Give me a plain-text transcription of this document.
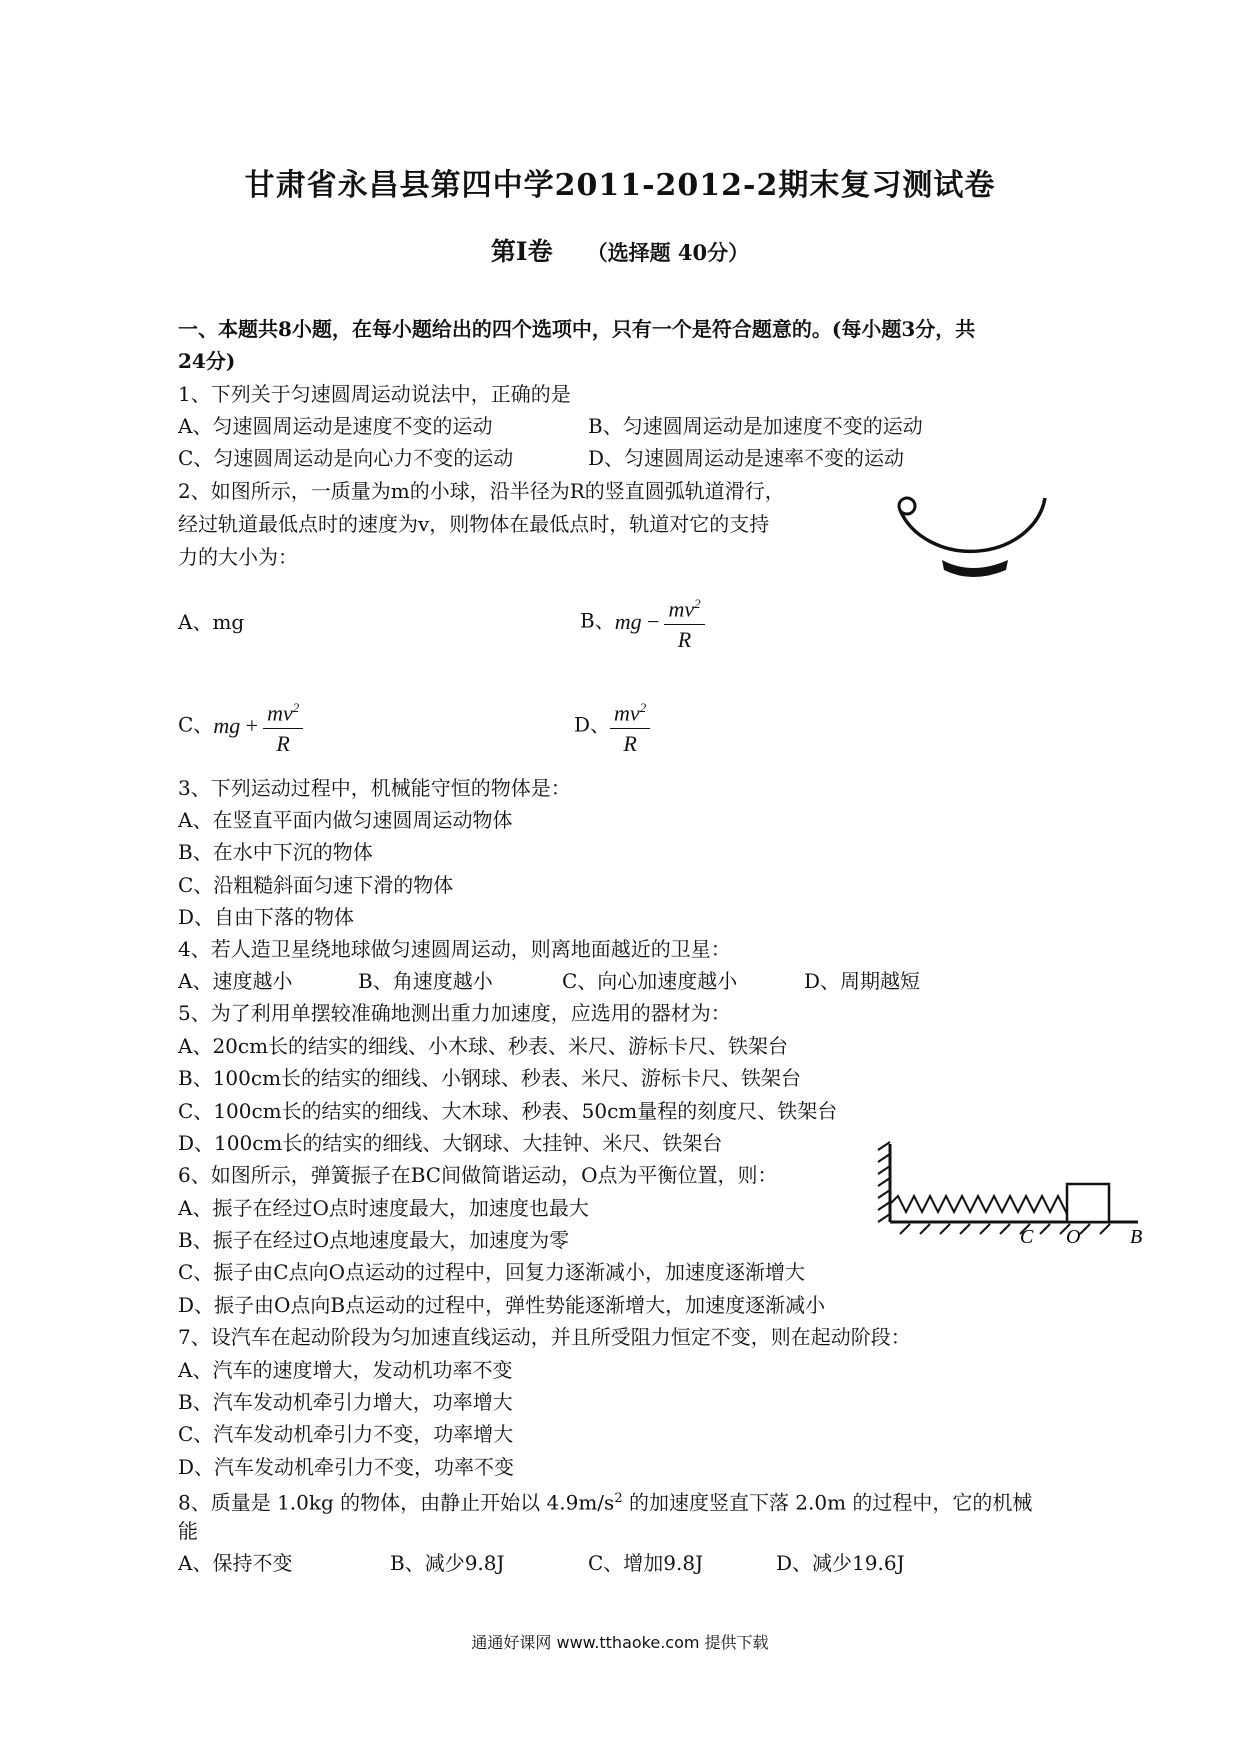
甘肃省永昌县第四中学2011-2012-2期末复习测试卷
第I卷 （选择题 40分）
一、本题共8小题，在每小题给出的四个选项中，只有一个是符合题意的。(每小题3分，共
24分)
1、下列关于匀速圆周运动说法中，正确的是
A、匀速圆周运动是速度不变的运动	B、匀速圆周运动是加速度不变的运动
C、匀速圆周运动是向心力不变的运动	D、匀速圆周运动是速率不变的运动
2、如图所示，一质量为m的小球，沿半径为R的竖直圆弧轨道滑行，
经过轨道最低点时的速度为v，则物体在最低点时，轨道对它的支持
力的大小为：
A、mg	B、mg − $\frac{mv^2}{R}$
C、mg + $\frac{mv^2}{R}$	D、 $\frac{mv^2}{R}$
3、下列运动过程中，机械能守恒的物体是：
A、在竖直平面内做匀速圆周运动物体
B、在水中下沉的物体
C、沿粗糙斜面匀速下滑的物体
D、自由下落的物体
4、若人造卫星绕地球做匀速圆周运动，则离地面越近的卫星：
A、速度越小	B、角速度越小	C、向心加速度越小	D、周期越短
5、为了利用单摆较准确地测出重力加速度，应选用的器材为：
A、20cm长的结实的细线、小木球、秒表、米尺、游标卡尺、铁架台
B、100cm长的结实的细线、小钢球、秒表、米尺、游标卡尺、铁架台
C、100cm长的结实的细线、大木球、秒表、50cm量程的刻度尺、铁架台
D、100cm长的结实的细线、大钢球、大挂钟、米尺、铁架台
6、如图所示，弹簧振子在BC间做简谐运动，O点为平衡位置，则：
A、振子在经过O点时速度最大，加速度也最大
B、振子在经过O点地速度最大，加速度为零
C、振子由C点向O点运动的过程中，回复力逐渐减小，加速度逐渐增大
D、振子由O点向B点运动的过程中，弹性势能逐渐增大，加速度逐渐减小
C O B
7、设汽车在起动阶段为匀加速直线运动，并且所受阻力恒定不变，则在起动阶段：
A、汽车的速度增大，发动机功率不变
B、汽车发动机牵引力增大，功率增大
C、汽车发动机牵引力不变，功率增大
D、汽车发动机牵引力不变，功率不变
8、质量是 1.0kg 的物体，由静止开始以 $4.9m/s^2$ 的加速度竖直下落 2.0m 的过程中，它的机械
能
A、保持不变	B、减少9.8J	C、增加9.8J	D、减少19.6J
通通好课网 www.tthaoke.com 提供下载
